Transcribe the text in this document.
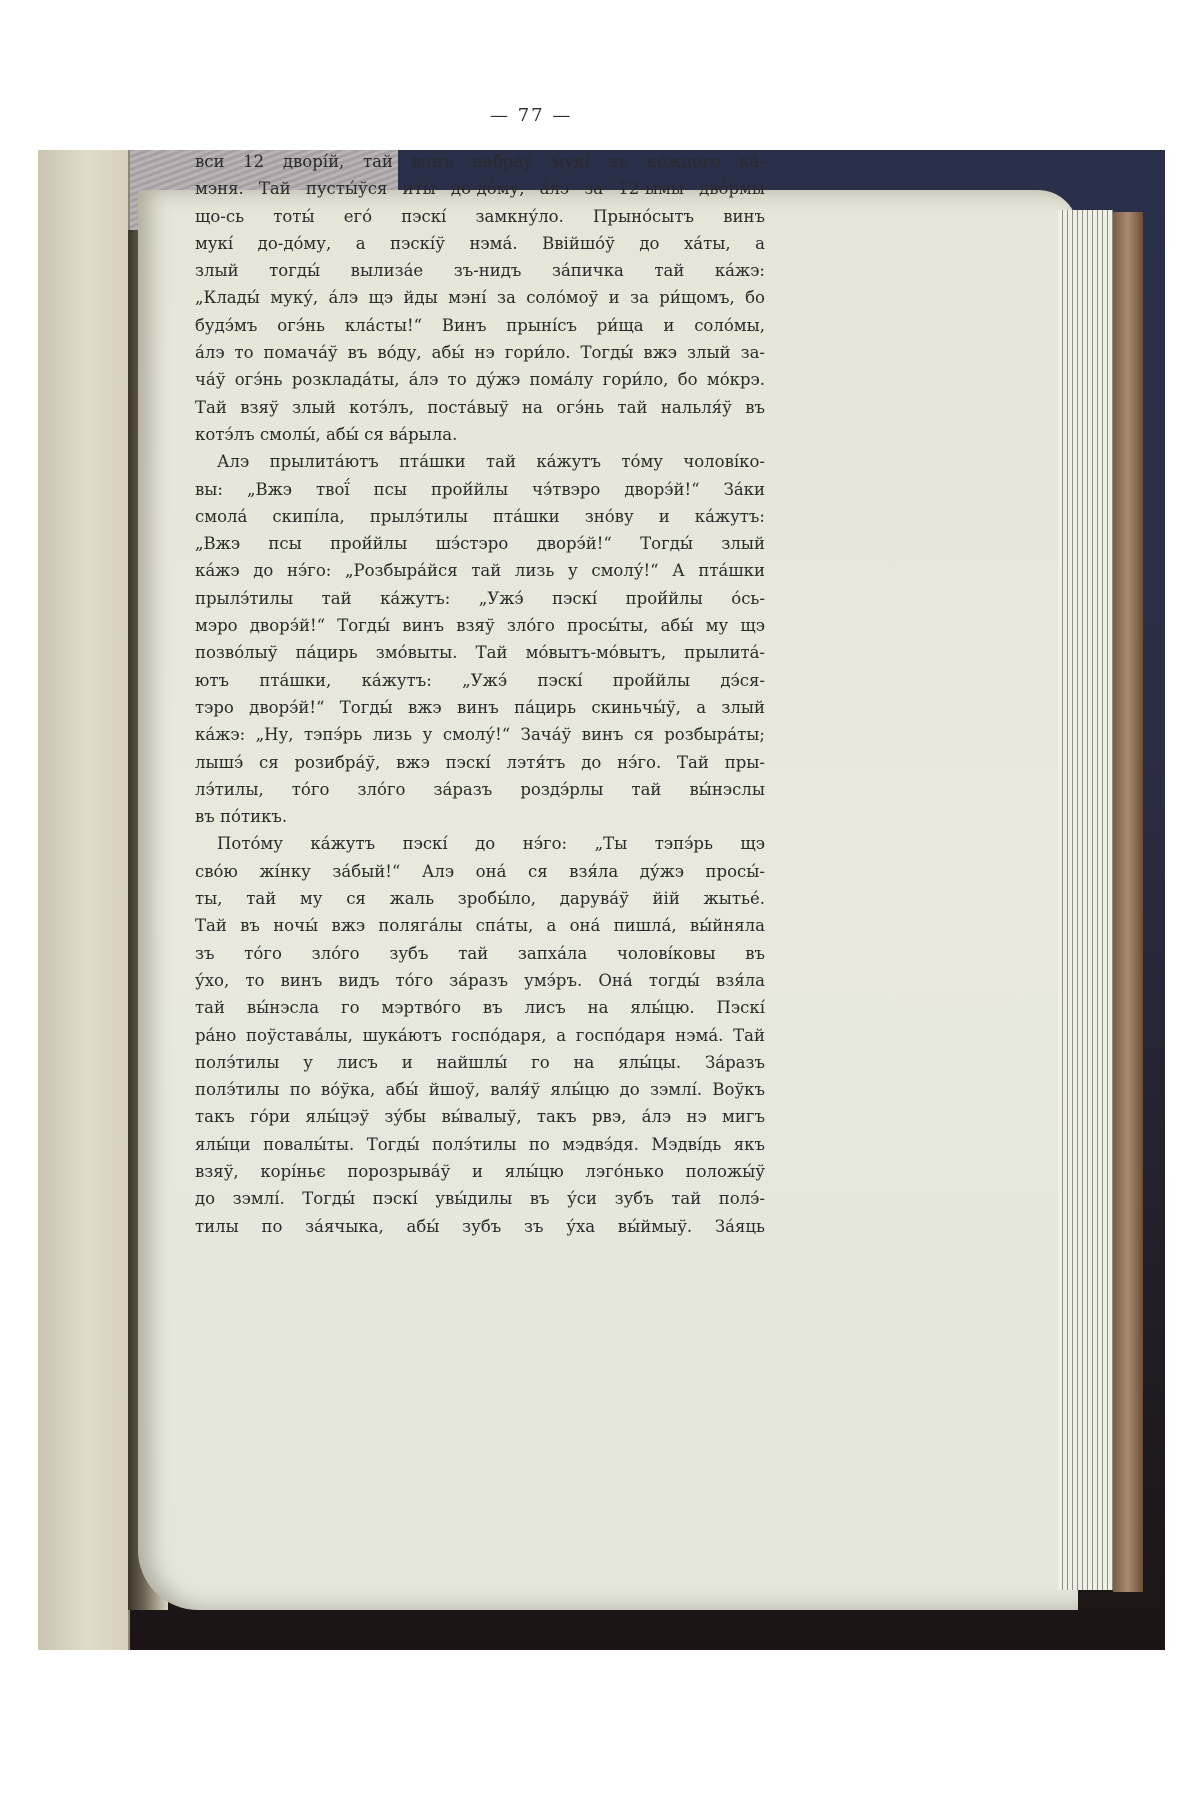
— 77 —
вси 12 дворі́й, тай винъ набра́ў мукі́ зъ ко́ждого ка́-
мэня. Тай пусты́ўся иты́ до-до́му, а́лэ за 12-ымы дво́рмы
що-сь тоты́ его́ пэскі́ замкну́ло. Прыно́сытъ винъ
мукі́ до-до́му, а пэскі́ў нэма́. Ввійшо́ў до ха́ты, а
злый тогды́ вылиза́е зъ-нидъ за́пичка тай ка́жэ:
„Клады́ муку́, а́лэ щэ йды мэні́ за соло́моў и за ри́щомъ, бо
будэ́мъ огэ́нь кла́сты!“ Винъ прыні́съ ри́ща и соло́мы,
а́лэ то помача́ў въ во́ду, абы́ нэ гори́ло. Тогды́ вжэ злый за-
ча́ў огэ́нь розклада́ты, а́лэ то ду́жэ пома́лу гори́ло, бо мо́крэ.
Тай взяў злый котэ́лъ, поста́выў на огэ́нь тай нальля́ў въ
котэ́лъ смолы́, абы́ ся ва́рыла.
Алэ прылита́ютъ пта́шки тай ка́жутъ то́му чолові́ко-
вы: „Вжэ твої́ псы прой́йлы чэ́твэро дворэ́й!“ За́ки
смола́ скипі́ла, прылэ́тилы пта́шки зно́ву и ка́жутъ:
„Вжэ псы прой́йлы шэ́стэро дворэ́й!“ Тогды́ злый
ка́жэ до нэ́го: „Розбыра́йся тай лизь у смолу́!“ А пта́шки
прылэ́тилы тай ка́жутъ: „Ужэ́ пэскі́ прой́йлы о́сь-
мэро дворэ́й!“ Тогды́ винъ взяў зло́го просы́ты, абы́ му щэ
позво́лыў па́цирь змо́выты. Тай мо́вытъ-мо́вытъ, прылита́-
ютъ пта́шки, ка́жутъ: „Ужэ́ пэскі́ прой́йлы дэ́ся-
тэро дворэ́й!“ Тогды́ вжэ винъ па́цирь скиньчы́ў, а злый
ка́жэ: „Ну, тэпэ́рь лизь у смолу́!“ Зача́ў винъ ся розбыра́ты;
лышэ́ ся розибра́ў, вжэ пэскі́ лэтя́тъ до нэ́го. Тай пры-
лэ́тилы, то́го зло́го за́разъ роздэ́рлы тай вы́нэслы
въ по́тикъ.
Пото́му ка́жутъ пэскі́ до нэ́го: „Ты тэпэ́рь щэ
сво́ю жі́нку за́бый!“ Алэ она́ ся взя́ла ду́жэ просы́-
ты, тай му ся жаль зробы́ло, дарува́ў йій жытье́.
Тай въ ночы́ вжэ поляга́лы спа́ты, а она́ пишла́, вы́йняла
зъ то́го зло́го зубъ тай запха́ла чолові́ковы въ
у́хо, то винъ видъ то́го за́разъ умэ́ръ. Она́ тогды́ взя́ла
тай вы́нэсла го мэртво́го въ лисъ на ялы́цю. Пэскі́
ра́но поўстава́лы, шука́ютъ госпо́даря, а госпо́даря нэма́. Тай
полэ́тилы у лисъ и найшлы́ го на ялы́цы. За́разъ
полэ́тилы по во́ўка, абы́ йшоў, валя́ў ялы́цю до зэмлі́. Воўкъ
такъ го́ри ялы́цэў зу́бы вы́валыў, такъ рвэ, а́лэ нэ мигъ
ялы́ци повалы́ты. Тогды́ полэ́тилы по мэдвэ́дя. Мэдві́дь якъ
взяў, корі́ньє порозрыва́ў и ялы́цю лэго́нько положы́ў
до зэмлі́. Тогды́ пэскі́ увы́дилы въ у́си зубъ тай полэ́-
тилы по за́ячыка, абы́ зубъ зъ у́ха вы́ймыў. За́яць
